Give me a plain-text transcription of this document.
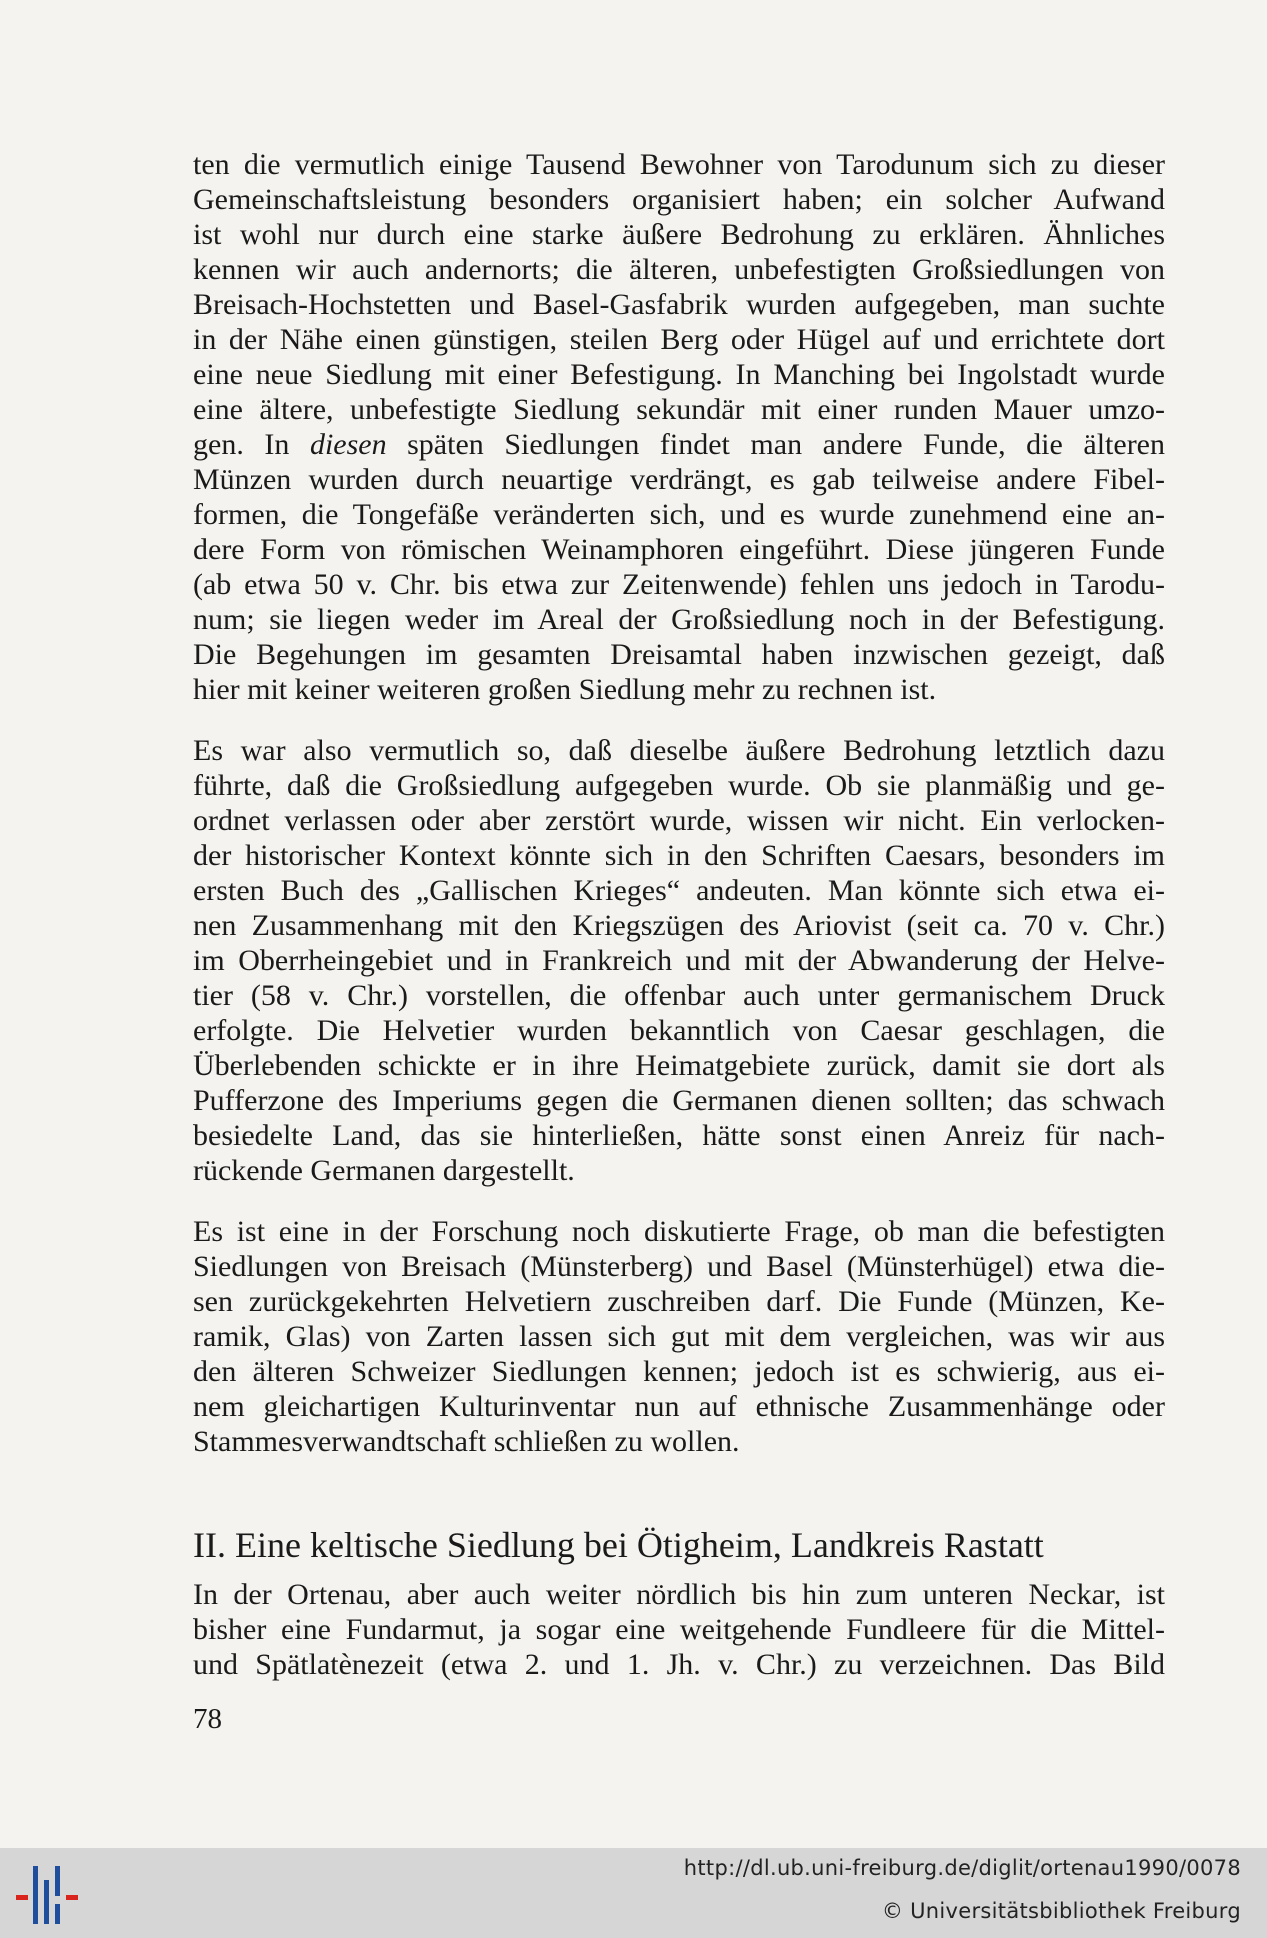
ten die vermutlich einige Tausend Bewohner von Tarodunum sich zu dieser
Gemeinschaftsleistung besonders organisiert haben; ein solcher Aufwand
ist wohl nur durch eine starke äußere Bedrohung zu erklären. Ähnliches
kennen wir auch andernorts; die älteren, unbefestigten Großsiedlungen von
Breisach-Hochstetten und Basel-Gasfabrik wurden aufgegeben, man suchte
in der Nähe einen günstigen, steilen Berg oder Hügel auf und errichtete dort
eine neue Siedlung mit einer Befestigung. In Manching bei Ingolstadt wurde
eine ältere, unbefestigte Siedlung sekundär mit einer runden Mauer umzo-
gen. In diesen späten Siedlungen findet man andere Funde, die älteren
Münzen wurden durch neuartige verdrängt, es gab teilweise andere Fibel-
formen, die Tongefäße veränderten sich, und es wurde zunehmend eine an-
dere Form von römischen Weinamphoren eingeführt. Diese jüngeren Funde
(ab etwa 50 v. Chr. bis etwa zur Zeitenwende) fehlen uns jedoch in Tarodu-
num; sie liegen weder im Areal der Großsiedlung noch in der Befestigung.
Die Begehungen im gesamten Dreisamtal haben inzwischen gezeigt, daß
hier mit keiner weiteren großen Siedlung mehr zu rechnen ist.

Es war also vermutlich so, daß dieselbe äußere Bedrohung letztlich dazu
führte, daß die Großsiedlung aufgegeben wurde. Ob sie planmäßig und ge-
ordnet verlassen oder aber zerstört wurde, wissen wir nicht. Ein verlocken-
der historischer Kontext könnte sich in den Schriften Caesars, besonders im
ersten Buch des „Gallischen Krieges“ andeuten. Man könnte sich etwa ei-
nen Zusammenhang mit den Kriegszügen des Ariovist (seit ca. 70 v. Chr.)
im Oberrheingebiet und in Frankreich und mit der Abwanderung der Helve-
tier (58 v. Chr.) vorstellen, die offenbar auch unter germanischem Druck
erfolgte. Die Helvetier wurden bekanntlich von Caesar geschlagen, die
Überlebenden schickte er in ihre Heimatgebiete zurück, damit sie dort als
Pufferzone des Imperiums gegen die Germanen dienen sollten; das schwach
besiedelte Land, das sie hinterließen, hätte sonst einen Anreiz für nach-
rückende Germanen dargestellt.

Es ist eine in der Forschung noch diskutierte Frage, ob man die befestigten
Siedlungen von Breisach (Münsterberg) und Basel (Münsterhügel) etwa die-
sen zurückgekehrten Helvetiern zuschreiben darf. Die Funde (Münzen, Ke-
ramik, Glas) von Zarten lassen sich gut mit dem vergleichen, was wir aus
den älteren Schweizer Siedlungen kennen; jedoch ist es schwierig, aus ei-
nem gleichartigen Kulturinventar nun auf ethnische Zusammenhänge oder
Stammesverwandtschaft schließen zu wollen.

II. Eine keltische Siedlung bei Ötigheim, Landkreis Rastatt

In der Ortenau, aber auch weiter nördlich bis hin zum unteren Neckar, ist
bisher eine Fundarmut, ja sogar eine weitgehende Fundleere für die Mittel-
und Spätlatènezeit (etwa 2. und 1. Jh. v. Chr.) zu verzeichnen. Das Bild

78
http://dl.ub.uni-freiburg.de/diglit/ortenau1990/0078
© Universitätsbibliothek Freiburg
